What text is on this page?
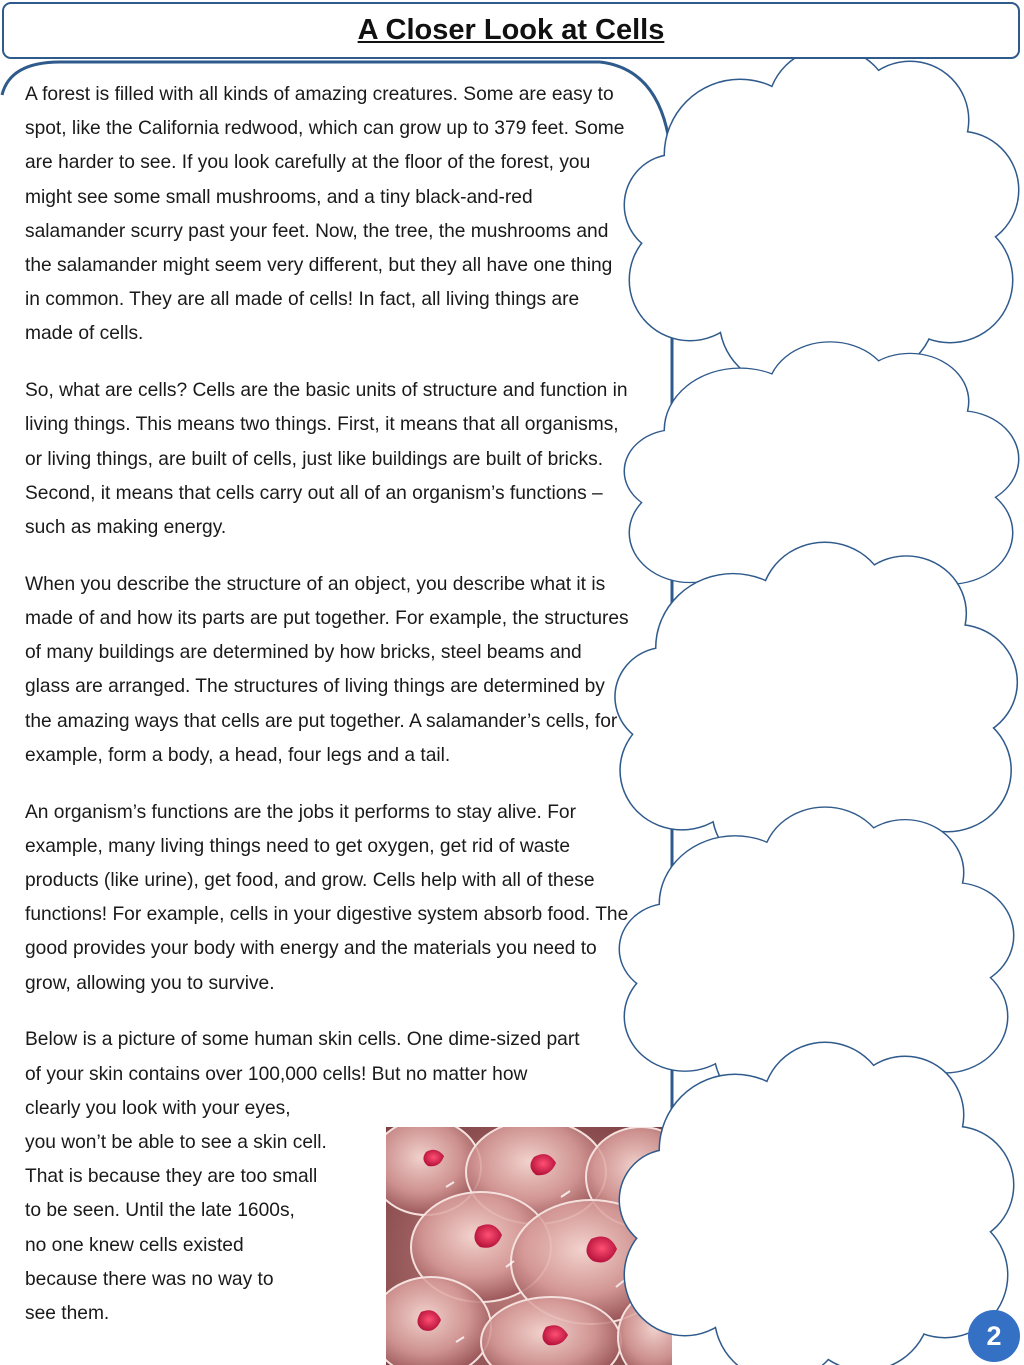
A Closer Look at Cells

A forest is filled with all kinds of amazing creatures. Some are easy to spot, like the California redwood, which can grow up to 379 feet. Some are harder to see. If you look carefully at the floor of the forest, you might see some small mushrooms, and a tiny black-and-red salamander scurry past your feet. Now, the tree, the mushrooms and the salamander might seem very different, but they all have one thing in common. They are all made of cells! In fact, all living things are made of cells.

So, what are cells? Cells are the basic units of structure and function in living things. This means two things. First, it means that all organisms, or living things, are built of cells, just like buildings are built of bricks. Second, it means that cells carry out all of an organism’s functions – such as making energy.

When you describe the structure of an object, you describe what it is made of and how its parts are put together. For example, the structures of many buildings are determined by how bricks, steel beams and glass are arranged. The structures of living things are determined by the amazing ways that cells are put together. A salamander’s cells, for example, form a body, a head, four legs and a tail.

An organism’s functions are the jobs it performs to stay alive. For example, many living things need to get oxygen, get rid of waste products (like urine), get food, and grow. Cells help with all of these functions! For example, cells in your digestive system absorb food. The good provides your body with energy and the materials you need to grow, allowing you to survive.

Below is a picture of some human skin cells. One dime-sized part
of your skin contains over 100,000 cells! But no matter how
clearly you look with your eyes,
you won’t be able to see a skin cell.
That is because they are too small
to be seen. Until the late 1600s,
no one knew cells existed
because there was no way to
see them.

2
